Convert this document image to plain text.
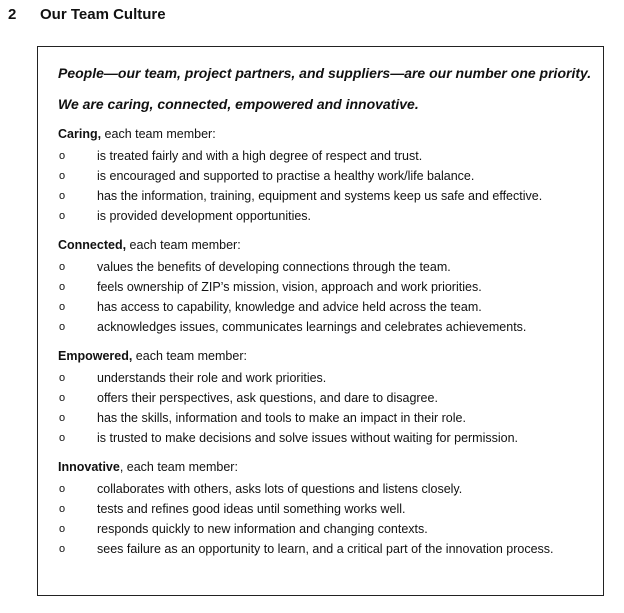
2	Our Team Culture

People—our team, project partners, and suppliers—are our number one priority.

We are caring, connected, empowered and innovative.

Caring, each team member:

o	is treated fairly and with a high degree of respect and trust.
o	is encouraged and supported to practise a healthy work/life balance.
o	has the information, training, equipment and systems keep us safe and effective.
o	is provided development opportunities.

Connected, each team member:

o	values the benefits of developing connections through the team.
o	feels ownership of ZIP’s mission, vision, approach and work priorities.
o	has access to capability, knowledge and advice held across the team.
o	acknowledges issues, communicates learnings and celebrates achievements.

Empowered, each team member:

o	understands their role and work priorities.
o	offers their perspectives, ask questions, and dare to disagree.
o	has the skills, information and tools to make an impact in their role.
o	is trusted to make decisions and solve issues without waiting for permission.

Innovative, each team member:

o	collaborates with others, asks lots of questions and listens closely.
o	tests and refines good ideas until something works well.
o	responds quickly to new information and changing contexts.
o	sees failure as an opportunity to learn, and a critical part of the innovation process.
